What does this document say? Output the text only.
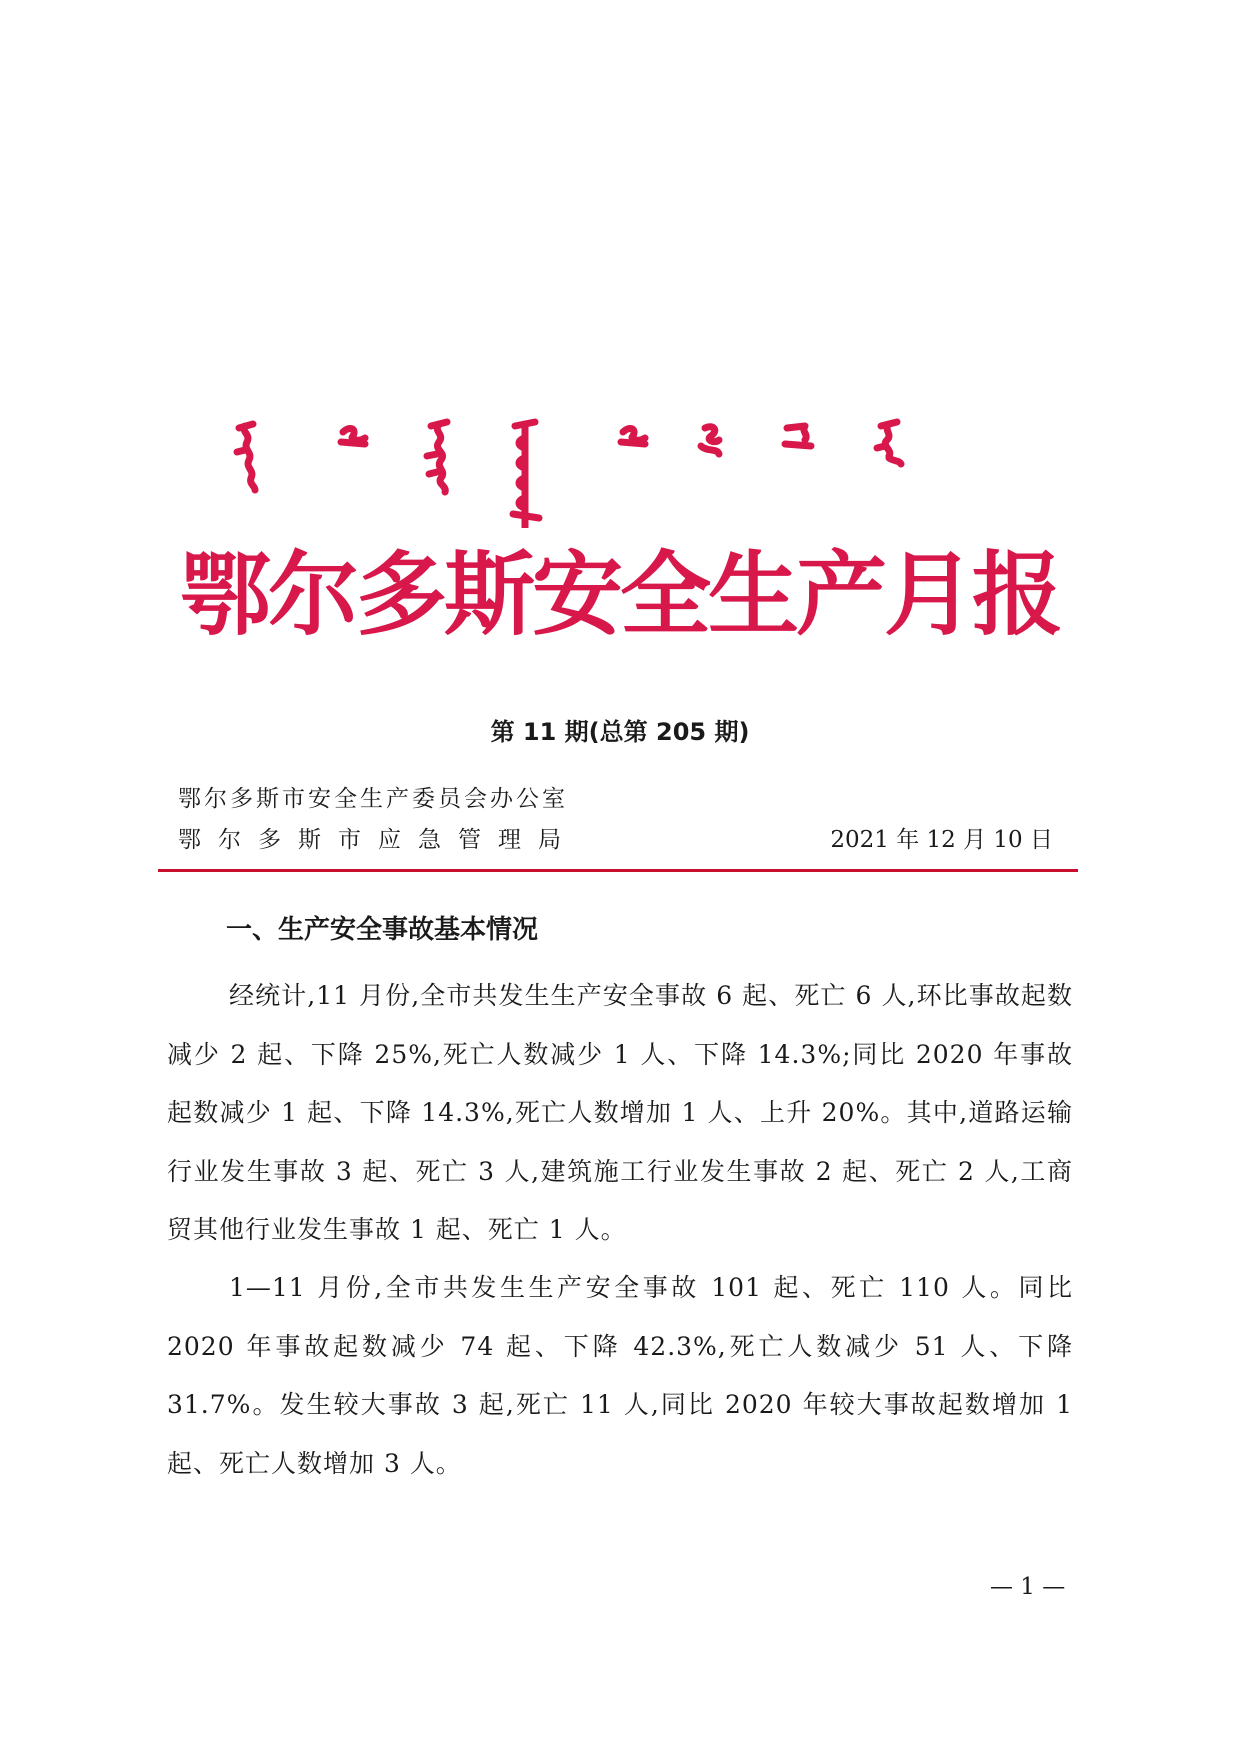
鄂尔多斯安全生产月报
第 11 期(总第 205 期)
鄂尔多斯市安全生产委员会办公室
鄂尔多斯市应急管理局	2021 年 12 月 10 日
一、生产安全事故基本情况

经统计,11 月份,全市共发生生产安全事故 6 起、死亡 6 人,环比事故起数减少 2 起、下降 25%,死亡人数减少 1 人、下降 14.3%;同比 2020 年事故起数减少 1 起、下降 14.3%,死亡人数增加 1 人、上升 20%。其中,道路运输行业发生事故 3 起、死亡 3 人,建筑施工行业发生事故 2 起、死亡 2 人,工商贸其他行业发生事故 1 起、死亡 1 人。

1—11 月份,全市共发生生产安全事故 101 起、死亡 110 人。同比 2020 年事故起数减少 74 起、下降 42.3%,死亡人数减少 51 人、下降 31.7%。发生较大事故 3 起,死亡 11 人,同比 2020 年较大事故起数增加 1 起、死亡人数增加 3 人。

— 1 —
